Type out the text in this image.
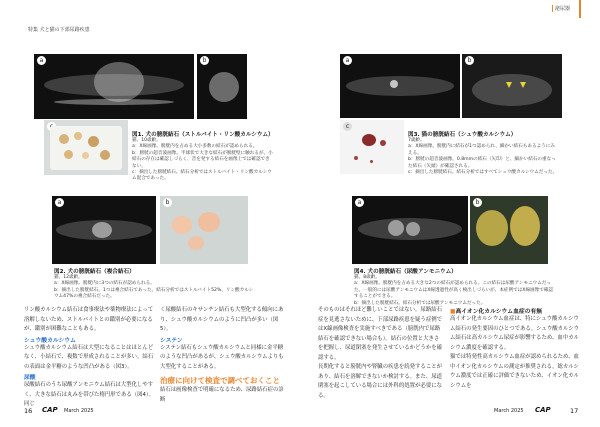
特集 犬と猫の下部尿路疾患
泌尿器
a	b
図1. 犬の膀胱結石（ストルバイト・リン酸カルシウム）
猫、10歳齢。
a：X線画像。膀胱内を占める大小多数の結石が認められる。
b：膀胱の超音波画像。半球状で大きな結石が膀胱壁に触れるが、小結石の存在は確認しづらく、音を発する結石を画像上では確認できない。
c：摘出した膀胱結石。結石分析ではストルバイト・リン酸カルシウム混合であった。
a	b
図2. 犬の膀胱結石（複合結石）
猫、12歳齢。
a：X線画像。膀胱内に3つの結石が認められる。
b：摘出した膀胱結石。1つは複合結石であった。結石分析ではストルバイト52%、リン酸カルシウム47%の複合結石だった。
a	b
c
図3. 猫の膀胱結石（シュウ酸カルシウム）
7歳齢。
a：X線画像。膀胱内に結石が1つ認められ、細かい結石もあるようにみえる。
b：膀胱の超音波画像。0.8mmの結石（矢印）と、細かい結石の重なった結石（矢頭）が確認される。
c：摘出した膀胱結石。結石分析ではすべてシュウ酸カルシウムだった。
a	b
図4. 犬の膀胱結石（尿酸アンモニウム）
猫、8歳齢。
a：X線画像。膀胱内を占める大きな2つの結石が認められる。この結石は尿酸アンモニウムだった。一般的には尿酸アンモニウムはX線透過性が高く検出しづらいが、本症例ではX線画像で確認することができる。
b：摘出した膀胱結石。結石分析では尿酸アンモニウムだった。
リン酸カルシウム結石は食事療法や薬物療法によって溶解しないため、ストルバイトとの鑑別が必要になるが、鑑別が困難なこともある。
シュウ酸カルシウム
シュウ酸カルシウム結石は大型になることはほとんどなく、小結石で、複数で形成されることが多い。結石の表面は金平糖のような凹凸がある（図3）。
尿酸
尿酸結石のうち尿酸アンモニウム結石は大型化しやすく、大きな結石は丸みを帯びた楕円形である（図4）。同じ
く尿酸結石のキサンチン結石も大型化する傾向にあり、シュウ酸カルシウムのように凹凸が多い（図5）。
システン
システン結石もシュウ酸カルシウムと同様に金平糖のような凹凸があるが、シュウ酸カルシウムよりも大型化することがある。
治療に向けて検査で調べておくこと
結石は画像検査で明確になるため、尿路結石症の診断
そのものはそれほど難しいことではない。尿路結石症を見逃さないために、下部尿路疾患を疑う症例ではX線画像検査を実施すべきである（膀胱内で尿路結石を確認できない場合も）。結石の位置と大きさを把握し、尿道閉塞を発生させているかどうかを確認する。
長期化すると膀胱内や腎臓の疾患を続発することがあり、結石を溶解できないか検討する。また、尿道閉塞を起こしている場合には外科的処置が必要になる。
■高イオン化カルシウム血症の有無
高イオン化カルシウム血症は、特にシュウ酸カルシウム結石の発生要因のひとつである。シュウ酸カルシウム結石は高カルシウム尿症が影響するため、血中カルシウム濃度を確認する。
猫では特発性高カルシウム血症が認められるため、血中イオン化カルシウムの測定が推奨される。総カルシウム濃度では正確に評価できないため、イオン化カルシウムを
16 CAP March 2025	March 2025 CAP	17
